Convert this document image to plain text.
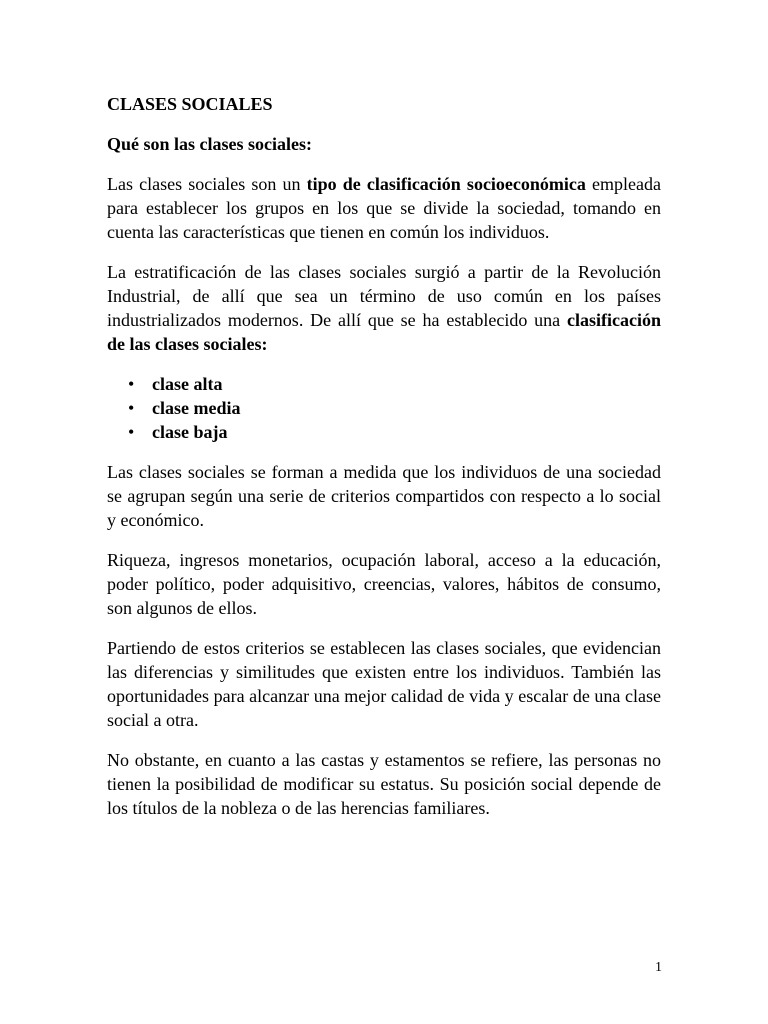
CLASES SOCIALES
Qué son las clases sociales:

Las clases sociales son un tipo de clasificación socioeconómica empleada para establecer los grupos en los que se divide la sociedad, tomando en cuenta las características que tienen en común los individuos.

La estratificación de las clases sociales surgió a partir de la Revolución Industrial, de allí que sea un término de uso común en los países industrializados modernos. De allí que se ha establecido una clasificación de las clases sociales:

• clase alta
• clase media
• clase baja

Las clases sociales se forman a medida que los individuos de una sociedad se agrupan según una serie de criterios compartidos con respecto a lo social y económico.

Riqueza, ingresos monetarios, ocupación laboral, acceso a la educación, poder político, poder adquisitivo, creencias, valores, hábitos de consumo, son algunos de ellos.

Partiendo de estos criterios se establecen las clases sociales, que evidencian las diferencias y similitudes que existen entre los individuos. También las oportunidades para alcanzar una mejor calidad de vida y escalar de una clase social a otra.

No obstante, en cuanto a las castas y estamentos se refiere, las personas no tienen la posibilidad de modificar su estatus. Su posición social depende de los títulos de la nobleza o de las herencias familiares.

1
